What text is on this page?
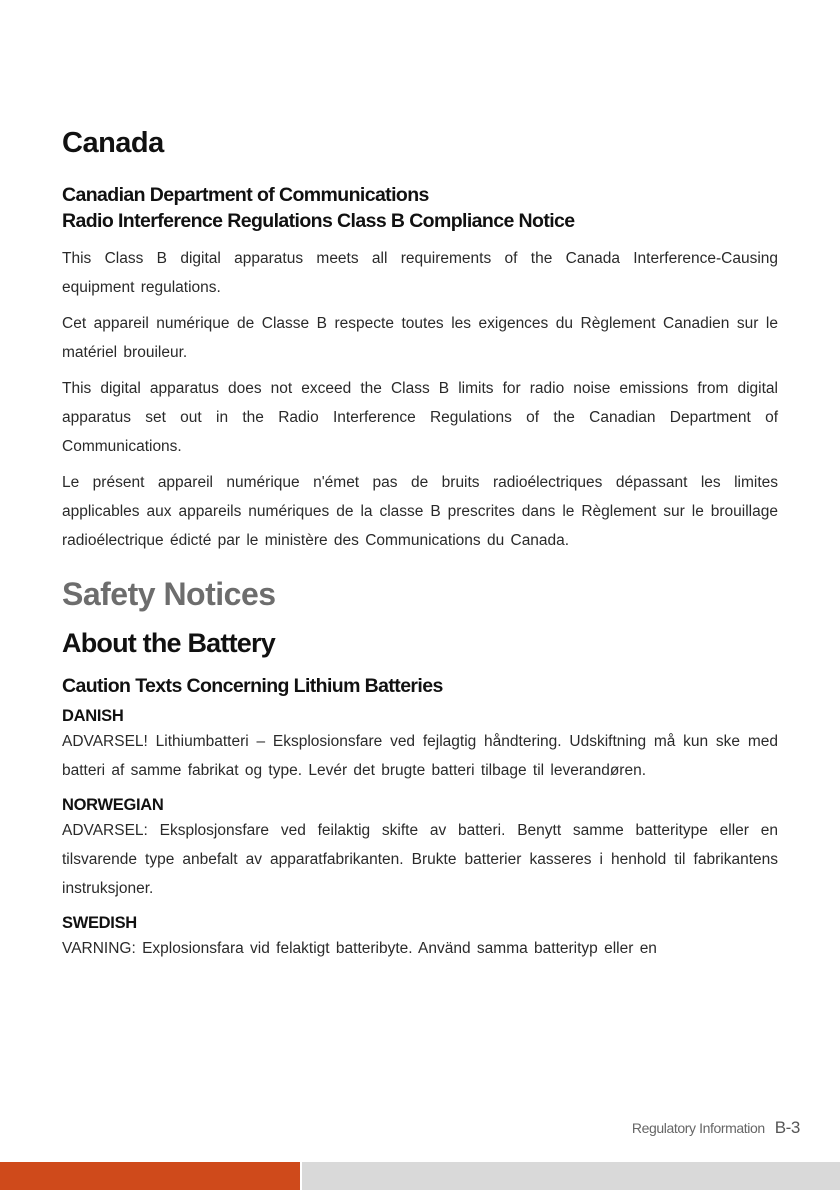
Canada
Canadian Department of Communications
Radio Interference Regulations Class B Compliance Notice

This Class B digital apparatus meets all requirements of the Canada Interference-Causing equipment regulations.

Cet appareil numérique de Classe B respecte toutes les exigences du Règlement Canadien sur le matériel brouileur.

This digital apparatus does not exceed the Class B limits for radio noise emissions from digital apparatus set out in the Radio Interference Regulations of the Canadian Department of Communications.

Le présent appareil numérique n'émet pas de bruits radioélectriques dépassant les limites applicables aux appareils numériques de la classe B prescrites dans le Règlement sur le brouillage radioélectrique édicté par le ministère des Communications du Canada.

Safety Notices
About the Battery
Caution Texts Concerning Lithium Batteries
DANISH

ADVARSEL! Lithiumbatteri – Eksplosionsfare ved fejlagtig håndtering. Udskiftning må kun ske med batteri af samme fabrikat og type. Levér det brugte batteri tilbage til leverandøren.

NORWEGIAN

ADVARSEL: Eksplosjonsfare ved feilaktig skifte av batteri. Benytt samme batteritype eller en tilsvarende type anbefalt av apparatfabrikanten. Brukte batterier kasseres i henhold til fabrikantens instruksjoner.

SWEDISH

VARNING: Explosionsfara vid felaktigt batteribyte. Använd samma batterityp eller en

Regulatory Information B-3
